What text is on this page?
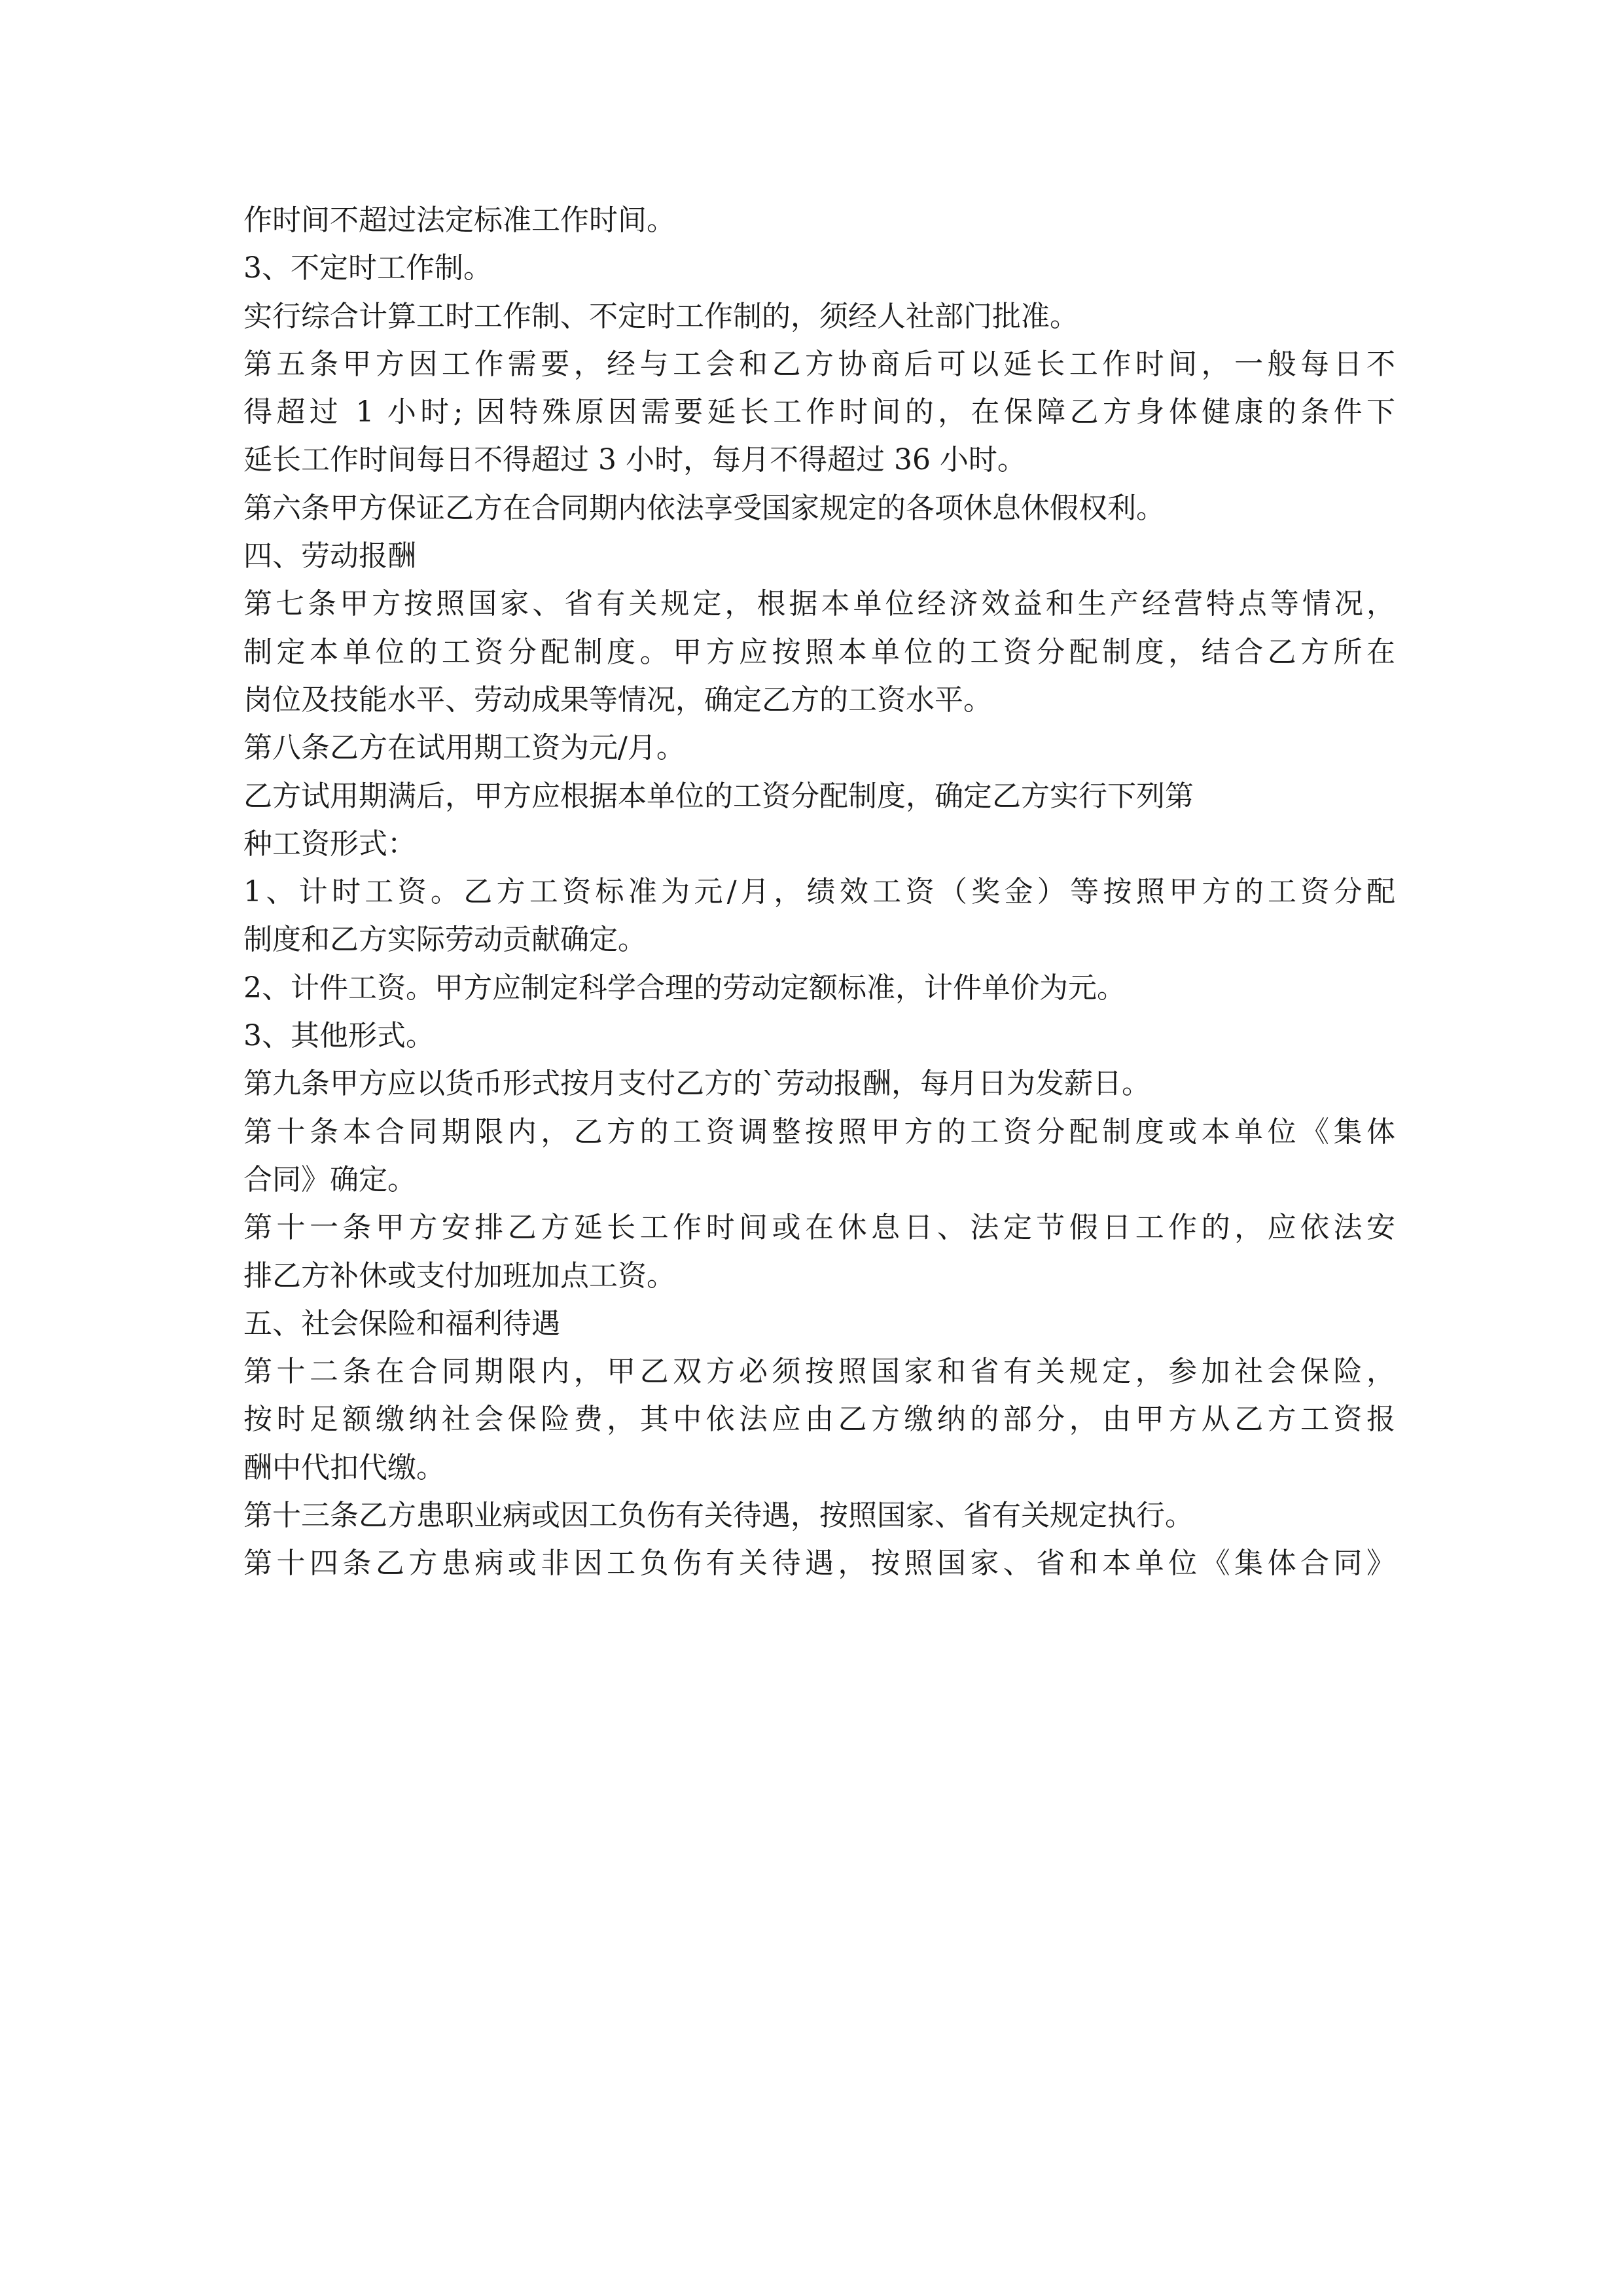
作时间不超过法定标准工作时间。
3、不定时工作制。
实行综合计算工时工作制、不定时工作制的，须经人社部门批准。
第五条甲方因工作需要，经与工会和乙方协商后可以延长工作时间，一般每日不
得超过 1 小时; 因特殊原因需要延长工作时间的，在保障乙方身体健康的条件下
延长工作时间每日不得超过 3 小时，每月不得超过 36 小时。
第六条甲方保证乙方在合同期内依法享受国家规定的各项休息休假权利。
四、劳动报酬
第七条甲方按照国家、省有关规定，根据本单位经济效益和生产经营特点等情况，
制定本单位的工资分配制度。甲方应按照本单位的工资分配制度，结合乙方所在
岗位及技能水平、劳动成果等情况，确定乙方的工资水平。
第八条乙方在试用期工资为元/月。
乙方试用期满后，甲方应根据本单位的工资分配制度，确定乙方实行下列第
种工资形式：
1、计时工资。乙方工资标准为元/月，绩效工资（奖金）等按照甲方的工资分配
制度和乙方实际劳动贡献确定。
2、计件工资。甲方应制定科学合理的劳动定额标准，计件单价为元。
3、其他形式。
第九条甲方应以货币形式按月支付乙方的`劳动报酬，每月日为发薪日。
第十条本合同期限内，乙方的工资调整按照甲方的工资分配制度或本单位《集体
合同》确定。
第十一条甲方安排乙方延长工作时间或在休息日、法定节假日工作的，应依法安
排乙方补休或支付加班加点工资。
五、社会保险和福利待遇
第十二条在合同期限内，甲乙双方必须按照国家和省有关规定，参加社会保险，
按时足额缴纳社会保险费，其中依法应由乙方缴纳的部分，由甲方从乙方工资报
酬中代扣代缴。
第十三条乙方患职业病或因工负伤有关待遇，按照国家、省有关规定执行。
第十四条乙方患病或非因工负伤有关待遇，按照国家、省和本单位《集体合同》
